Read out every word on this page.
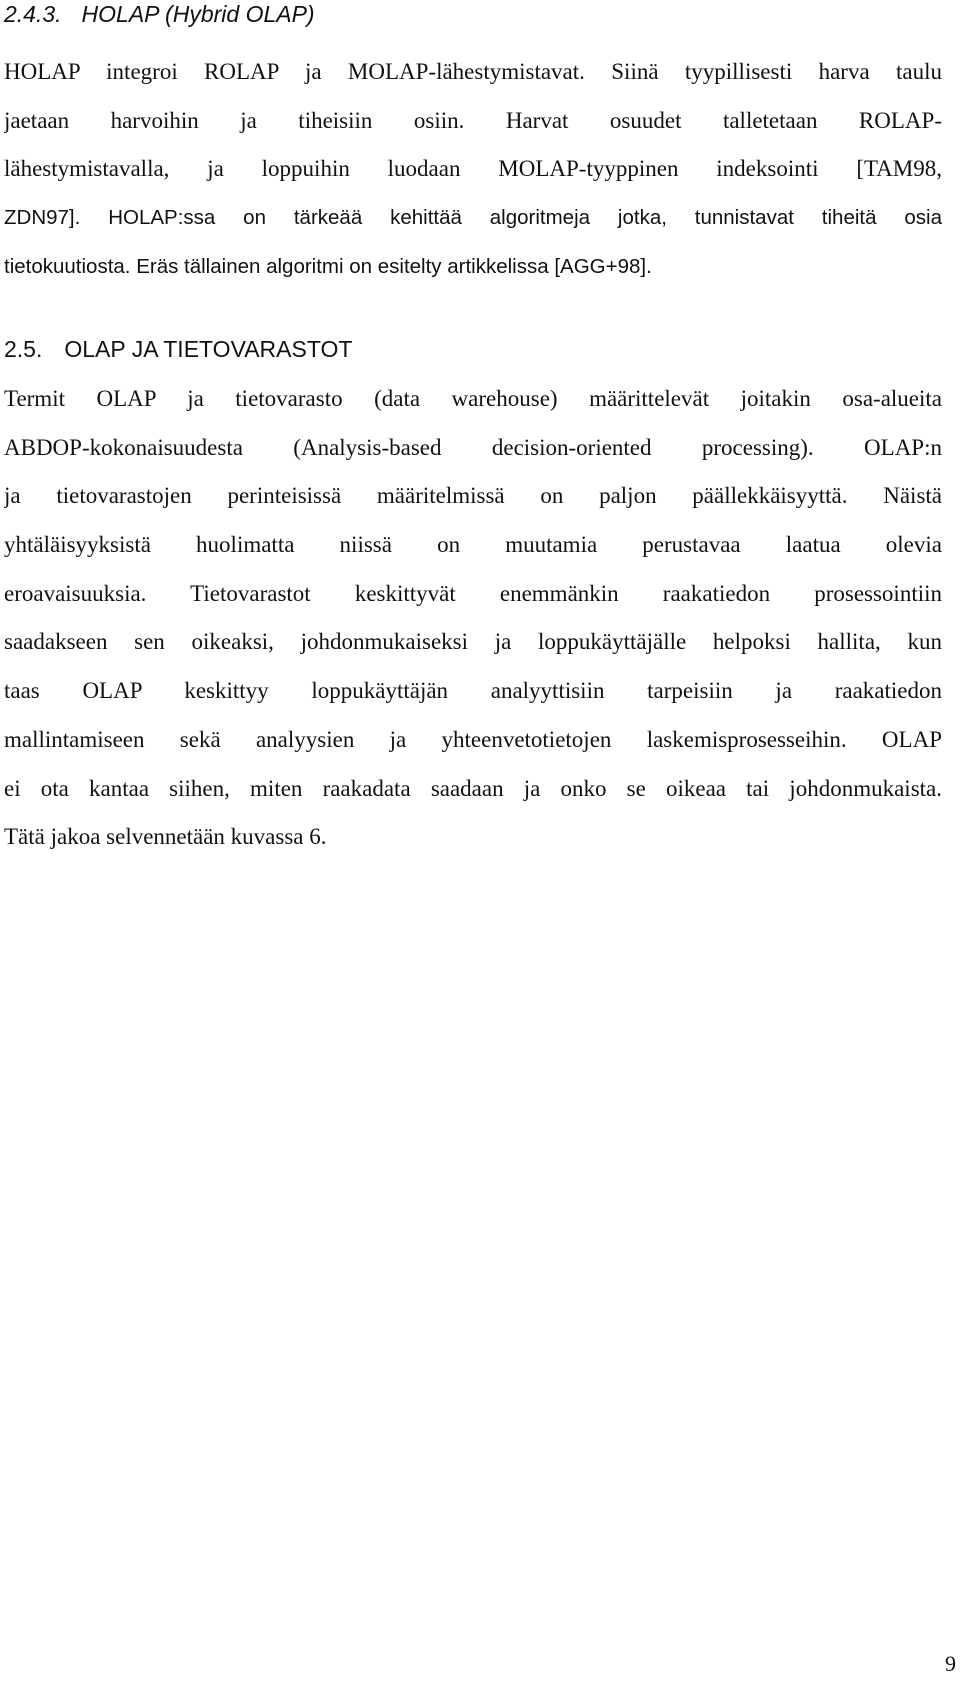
2.4.3. HOLAP (Hybrid OLAP)
HOLAP integroi ROLAP ja MOLAP-lähestymistavat. Siinä tyypillisesti harva taulu
jaetaan harvoihin ja tiheisiin osiin. Harvat osuudet talletetaan ROLAP-
lähestymistavalla, ja loppuihin luodaan MOLAP-tyyppinen indeksointi [TAM98,
ZDN97]. HOLAP:ssa on tärkeää kehittää algoritmeja jotka, tunnistavat tiheitä osia
tietokuutiosta. Eräs tällainen algoritmi on esitelty artikkelissa [AGG+98].
2.5. OLAP JA TIETOVARASTOT
Termit OLAP ja tietovarasto (data warehouse) määrittelevät joitakin osa-alueita
ABDOP-kokonaisuudesta (Analysis-based decision-oriented processing). OLAP:n
ja tietovarastojen perinteisissä määritelmissä on paljon päällekkäisyyttä. Näistä
yhtäläisyyksistä huolimatta niissä on muutamia perustavaa laatua olevia
eroavaisuuksia. Tietovarastot keskittyvät enemmänkin raakatiedon prosessointiin
saadakseen sen oikeaksi, johdonmukaiseksi ja loppukäyttäjälle helpoksi hallita, kun
taas OLAP keskittyy loppukäyttäjän analyyttisiin tarpeisiin ja raakatiedon
mallintamiseen sekä analyysien ja yhteenvetotietojen laskemisprosesseihin. OLAP
ei ota kantaa siihen, miten raakadata saadaan ja onko se oikeaa tai johdonmukaista.
Tätä jakoa selvennetään kuvassa 6.
9
